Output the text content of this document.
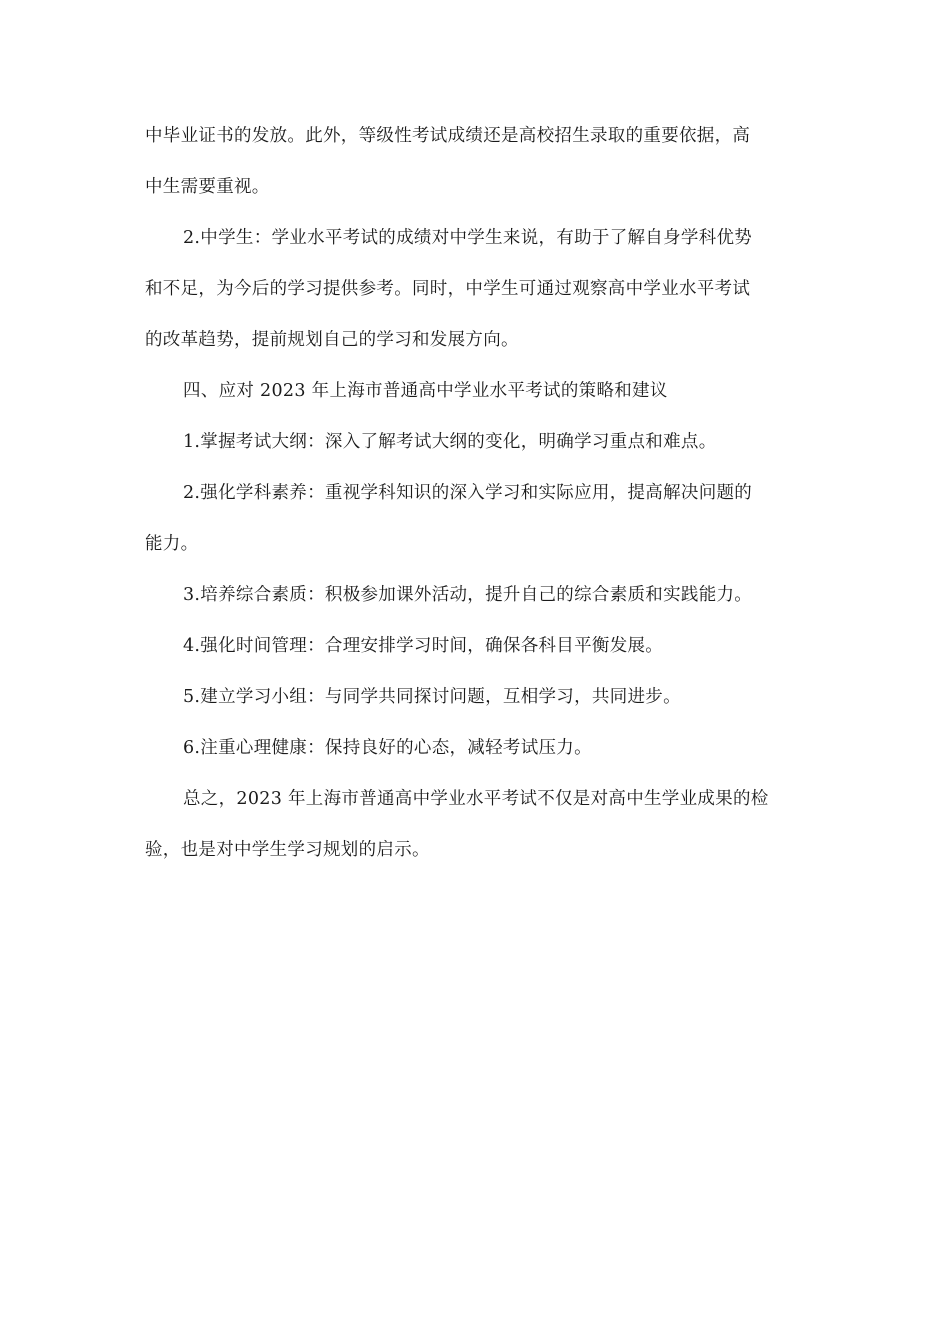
中毕业证书的发放。此外，等级性考试成绩还是高校招生录取的重要依据，高
中生需要重视。
2.中学生：学业水平考试的成绩对中学生来说，有助于了解自身学科优势
和不足，为今后的学习提供参考。同时，中学生可通过观察高中学业水平考试
的改革趋势，提前规划自己的学习和发展方向。
四、应对 2023 年上海市普通高中学业水平考试的策略和建议
1.掌握考试大纲：深入了解考试大纲的变化，明确学习重点和难点。
2.强化学科素养：重视学科知识的深入学习和实际应用，提高解决问题的
能力。
3.培养综合素质：积极参加课外活动，提升自己的综合素质和实践能力。
4.强化时间管理：合理安排学习时间，确保各科目平衡发展。
5.建立学习小组：与同学共同探讨问题，互相学习，共同进步。
6.注重心理健康：保持良好的心态，减轻考试压力。
总之，2023 年上海市普通高中学业水平考试不仅是对高中生学业成果的检
验，也是对中学生学习规划的启示。
